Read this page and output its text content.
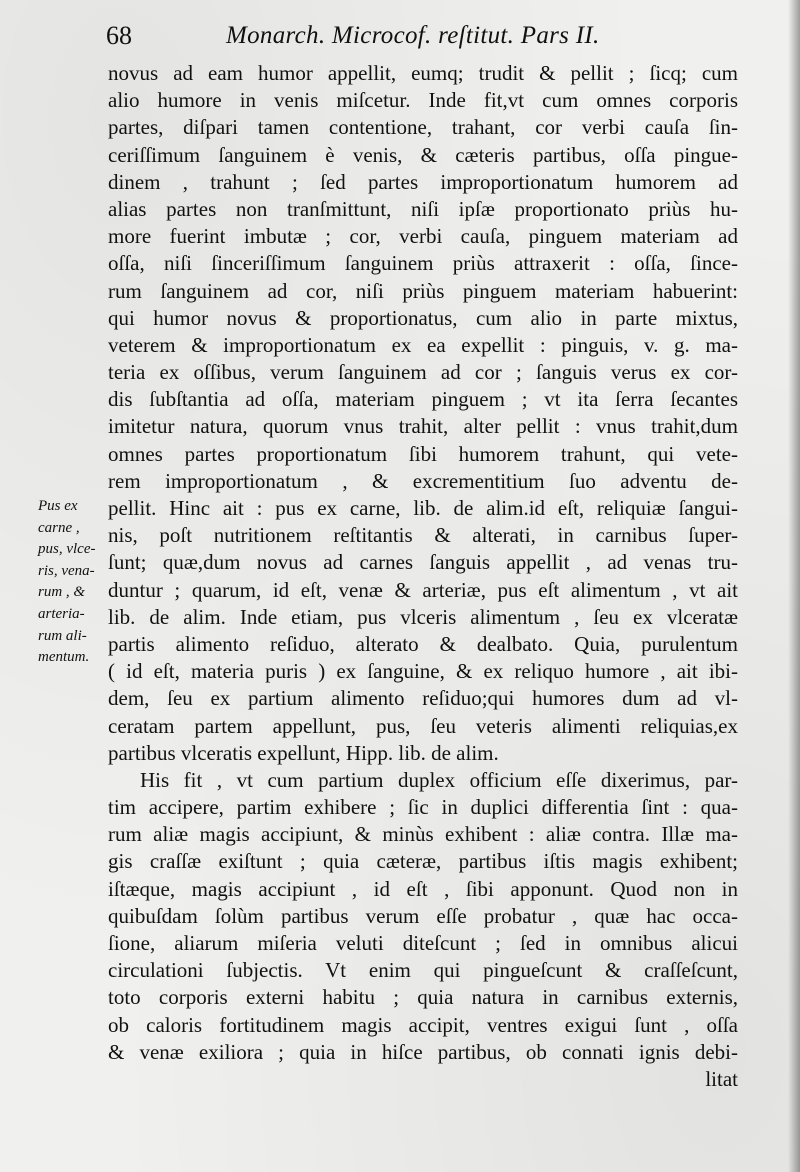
68	Monarch. Microcof. reſtitut. Pars II.
Pus ex
carne ,
pus, vlce-
ris, vena-
rum , &
arteria-
rum ali-
mentum.
novus ad eam humor appellit, eumq; trudit & pellit ; ſicq; cum
alio humore in venis miſcetur. Inde fit,vt cum omnes corporis
partes, diſpari tamen contentione, trahant, cor verbi cauſa ſin-
ceriſſimum ſanguinem è venis, & cæteris partibus, oſſa pingue-
dinem , trahunt ; ſed partes improportionatum humorem ad
alias partes non tranſmittunt, niſi ipſæ proportionato priùs hu-
more fuerint imbutæ ; cor, verbi cauſa, pinguem materiam ad
oſſa, niſi ſinceriſſimum ſanguinem priùs attraxerit : oſſa, ſince-
rum ſanguinem ad cor, niſi priùs pinguem materiam habuerint:
qui humor novus & proportionatus, cum alio in parte mixtus,
veterem & improportionatum ex ea expellit : pinguis, v. g. ma-
teria ex oſſibus, verum ſanguinem ad cor ; ſanguis verus ex cor-
dis ſubſtantia ad oſſa, materiam pinguem ; vt ita ſerra ſecantes
imitetur natura, quorum vnus trahit, alter pellit : vnus trahit,dum
omnes partes proportionatum ſibi humorem trahunt, qui vete-
rem improportionatum , & excrementitium ſuo adventu de-
pellit. Hinc ait : pus ex carne, lib. de alim.id eſt, reliquiæ ſangui-
nis, poſt nutritionem reſtitantis & alterati, in carnibus ſuper-
ſunt; quæ,dum novus ad carnes ſanguis appellit , ad venas tru-
duntur ; quarum, id eſt, venæ & arteriæ, pus eſt alimentum , vt ait
lib. de alim. Inde etiam, pus vlceris alimentum , ſeu ex vlceratæ
partis alimento reſiduo, alterato & dealbato. Quia, purulentum
( id eſt, materia puris ) ex ſanguine, & ex reliquo humore , ait ibi-
dem, ſeu ex partium alimento reſiduo;qui humores dum ad vl-
ceratam partem appellunt, pus, ſeu veteris alimenti reliquias,ex
partibus vlceratis expellunt, Hipp. lib. de alim.
His fit , vt cum partium duplex officium eſſe dixerimus, par-
tim accipere, partim exhibere ; ſic in duplici differentia ſint : qua-
rum aliæ magis accipiunt, & minùs exhibent : aliæ contra. Illæ ma-
gis craſſæ exiſtunt ; quia cæteræ, partibus iſtis magis exhibent;
iſtæque, magis accipiunt , id eſt , ſibi apponunt. Quod non in
quibuſdam ſolùm partibus verum eſſe probatur , quæ hac occa-
ſione, aliarum miſeria veluti diteſcunt ; ſed in omnibus alicui
circulationi ſubjectis. Vt enim qui pingueſcunt & craſſeſcunt,
toto corporis externi habitu ; quia natura in carnibus externis,
ob caloris fortitudinem magis accipit, ventres exigui ſunt , oſſa
& venæ exiliora ; quia in hiſce partibus, ob connati ignis debi-
litat
